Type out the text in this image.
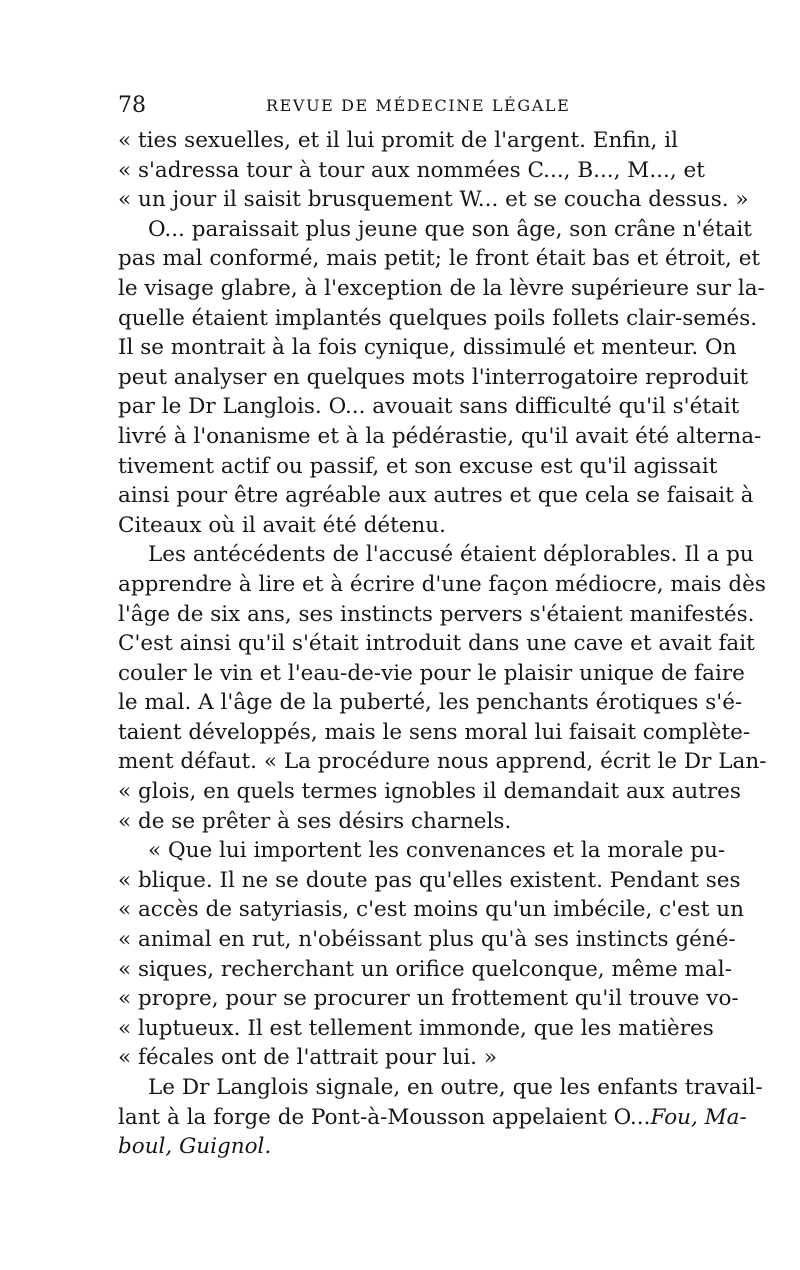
78	REVUE DE MÉDECINE LÉGALE
« ties sexuelles, et il lui promit de l'argent. Enfin, il
« s'adressa tour à tour aux nommées C..., B..., M..., et
« un jour il saisit brusquement W... et se coucha dessus. »
O... paraissait plus jeune que son âge, son crâne n'était
pas mal conformé, mais petit; le front était bas et étroit, et
le visage glabre, à l'exception de la lèvre supérieure sur la-
quelle étaient implantés quelques poils follets clair-semés.
Il se montrait à la fois cynique, dissimulé et menteur. On
peut analyser en quelques mots l'interrogatoire reproduit
par le Dr Langlois. O... avouait sans difficulté qu'il s'était
livré à l'onanisme et à la pédérastie, qu'il avait été alterna-
tivement actif ou passif, et son excuse est qu'il agissait
ainsi pour être agréable aux autres et que cela se faisait à
Citeaux où il avait été détenu.
Les antécédents de l'accusé étaient déplorables. Il a pu
apprendre à lire et à écrire d'une façon médiocre, mais dès
l'âge de six ans, ses instincts pervers s'étaient manifestés.
C'est ainsi qu'il s'était introduit dans une cave et avait fait
couler le vin et l'eau-de-vie pour le plaisir unique de faire
le mal. A l'âge de la puberté, les penchants érotiques s'é-
taient développés, mais le sens moral lui faisait complète-
ment défaut. « La procédure nous apprend, écrit le Dr Lan-
« glois, en quels termes ignobles il demandait aux autres
« de se prêter à ses désirs charnels.
« Que lui importent les convenances et la morale pu-
« blique. Il ne se doute pas qu'elles existent. Pendant ses
« accès de satyriasis, c'est moins qu'un imbécile, c'est un
« animal en rut, n'obéissant plus qu'à ses instincts géné-
« siques, recherchant un orifice quelconque, même mal-
« propre, pour se procurer un frottement qu'il trouve vo-
« luptueux. Il est tellement immonde, que les matières
« fécales ont de l'attrait pour lui. »
Le Dr Langlois signale, en outre, que les enfants travail-
lant à la forge de Pont-à-Mousson appelaient O...Fou, Ma-
boul, Guignol.
